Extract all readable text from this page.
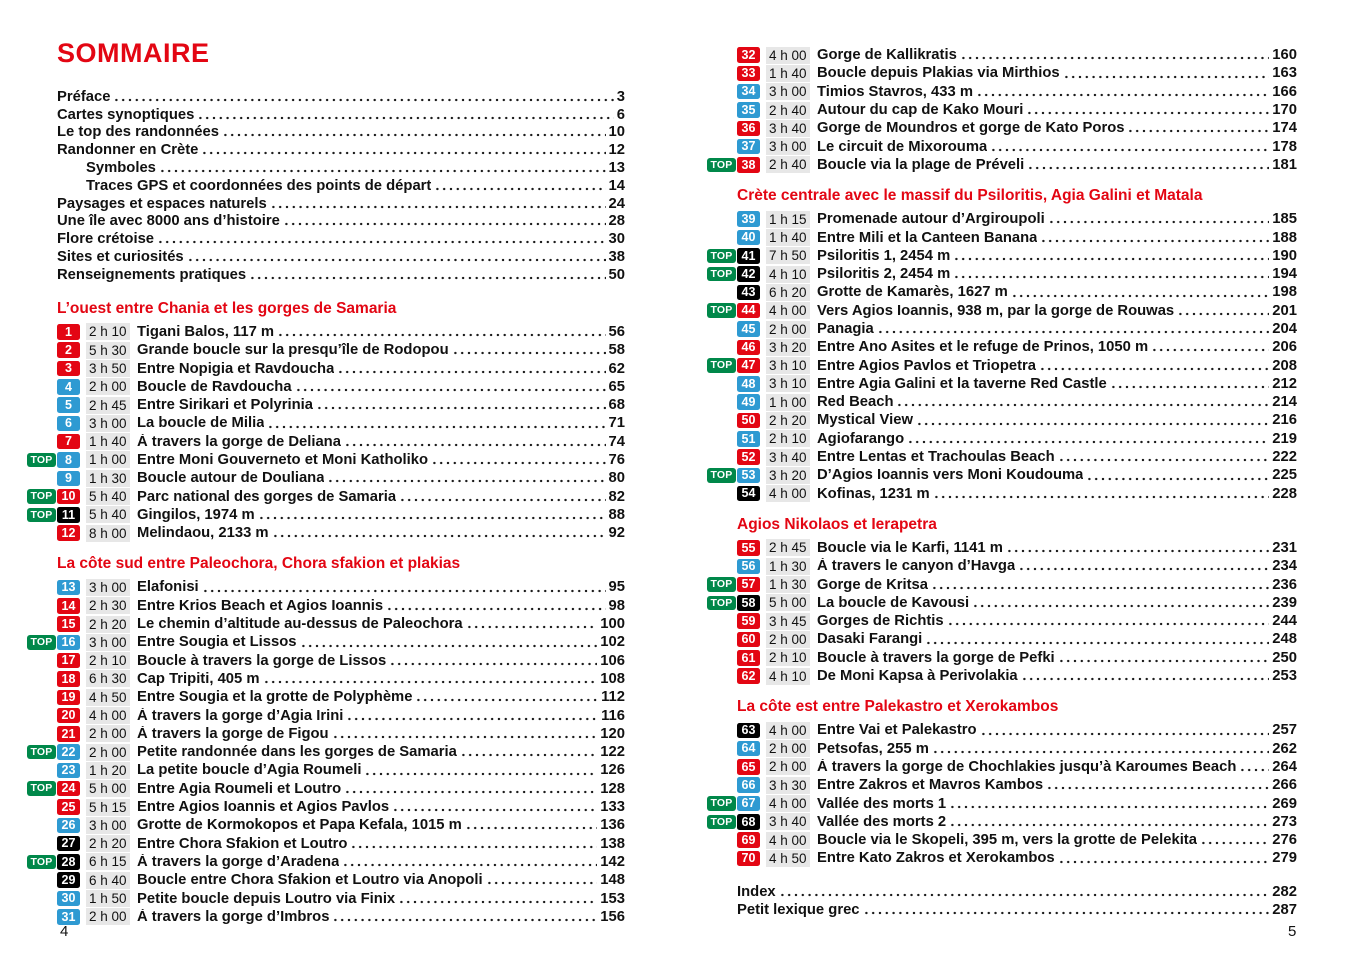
SOMMAIRE
Préface	3
Cartes synoptiques	6
Le top des randonnées	10
Randonner en Crète	12
Symboles	13
Traces GPS et coordonnées des points de départ	14
Paysages et espaces naturels	24
Une île avec 8000 ans d’histoire	28
Flore crétoise	30
Sites et curiosités	38
Renseignements pratiques	50
L’ouest entre Chania et les gorges de Samaria
1	2 h 10 Tigani Balos, 117 m	56
2	5 h 30 Grande boucle sur la presqu’île de Rodopou	58
3	3 h 50 Entre Nopigia et Ravdoucha	62
4	2 h 00 Boucle de Ravdoucha	65
5	2 h 45 Entre Sirikari et Polyrinia	68
6	3 h 00 La boucle de Milia	71
7	1 h 40 À travers la gorge de Deliana	74
TOP	8	1 h 00 Entre Moni Gouverneto et Moni Katholiko	76
9	1 h 30 Boucle autour de Douliana	80
TOP 10	5 h 40 Parc national des gorges de Samaria	82
TOP 11	5 h 40 Gingilos, 1974 m	88
12	8 h 00 Melindaou, 2133 m	92
La côte sud entre Paleochora, Chora sfakion et plakias
13	3 h 00 Elafonisi	95
14	2 h 30 Entre Krios Beach et Agios Ioannis	98
15	2 h 20 Le chemin d’altitude au-dessus de Paleochora	100
TOP 16	3 h 00 Entre Sougia et Lissos	102
17	2 h 10 Boucle à travers la gorge de Lissos	106
18	6 h 30 Cap Tripiti, 405 m	108
19	4 h 50 Entre Sougia et la grotte de Polyphème	112
20	4 h 00 À travers la gorge d’Agia Irini	116
21	2 h 00 À travers la gorge de Figou	120
TOP 22	2 h 00 Petite randonnée dans les gorges de Samaria	122
23	1 h 20 La petite boucle d’Agia Roumeli	126
TOP 24	5 h 00 Entre Agia Roumeli et Loutro	128
25	5 h 15 Entre Agios Ioannis et Agios Pavlos	133
26	3 h 00 Grotte de Kormokopos et Papa Kefala, 1015 m	136
27	2 h 20 Entre Chora Sfakion et Loutro	138
TOP 28	6 h 15 À travers la gorge d’Aradena	142
29	6 h 40 Boucle entre Chora Sfakion et Loutro via Anopoli	148
30	1 h 50 Petite boucle depuis Loutro via Finix	153
31	2 h 00 À travers la gorge d’Imbros	156
32	4 h 00 Gorge de Kallikratis	160
33	1 h 40 Boucle depuis Plakias via Mirthios	163
34	3 h 00 Timios Stavros, 433 m	166
35	2 h 40 Autour du cap de Kako Mouri	170
36	3 h 40 Gorge de Moundros et gorge de Kato Poros	174
37	3 h 00 Le circuit de Mixorouma	178
TOP 38	2 h 40 Boucle via la plage de Préveli	181
Crète centrale avec le massif du Psiloritis, Agia Galini et Matala
39	1 h 15 Promenade autour d’Argiroupoli	185
40	1 h 40 Entre Mili et la Canteen Banana	188
TOP 41	7 h 50 Psiloritis 1, 2454 m	190
TOP 42	4 h 10 Psiloritis 2, 2454 m	194
43	6 h 20 Grotte de Kamarès, 1627 m	198
TOP 44	4 h 00 Vers Agios Ioannis, 938 m, par la gorge de Rouwas	201
45	2 h 00 Panagia	204
46	3 h 20 Entre Ano Asites et le refuge de Prinos, 1050 m	206
TOP 47	3 h 10 Entre Agios Pavlos et Triopetra	208
48	3 h 10 Entre Agia Galini et la taverne Red Castle	212
49	1 h 00 Red Beach	214
50	2 h 20 Mystical View	216
51	2 h 10 Agiofarango	219
52	3 h 40 Entre Lentas et Trachoulas Beach	222
TOP 53	3 h 20 D’Agios Ioannis vers Moni Koudouma	225
54	4 h 00 Kofinas, 1231 m	228
Agios Nikolaos et Ierapetra
55	2 h 45 Boucle via le Karfi, 1141 m	231
56	1 h 30 À travers le canyon d’Havga	234
TOP 57	1 h 30 Gorge de Kritsa	236
TOP 58	5 h 00 La boucle de Kavousi	239
59	3 h 45 Gorges de Richtis	244
60	2 h 00 Dasaki Farangi	248
61	2 h 10 Boucle à travers la gorge de Pefki	250
62	4 h 10 De Moni Kapsa à Perivolakia	253
La côte est entre Palekastro et Xerokambos
63	4 h 00 Entre Vai et Palekastro	257
64	2 h 00 Petsofas, 255 m	262
65	2 h 00 À travers la gorge de Chochlakies jusqu’à Karoumes Beach 264
66	3 h 30 Entre Zakros et Mavros Kambos	266
TOP 67	4 h 00 Vallée des morts 1	269
TOP 68	3 h 40 Vallée des morts 2	273
69	4 h 00 Boucle via le Skopeli, 395 m, vers la grotte de Pelekita	276
70	4 h 50 Entre Kato Zakros et Xerokambos	279
Index	282
Petit lexique grec	287
4	5
